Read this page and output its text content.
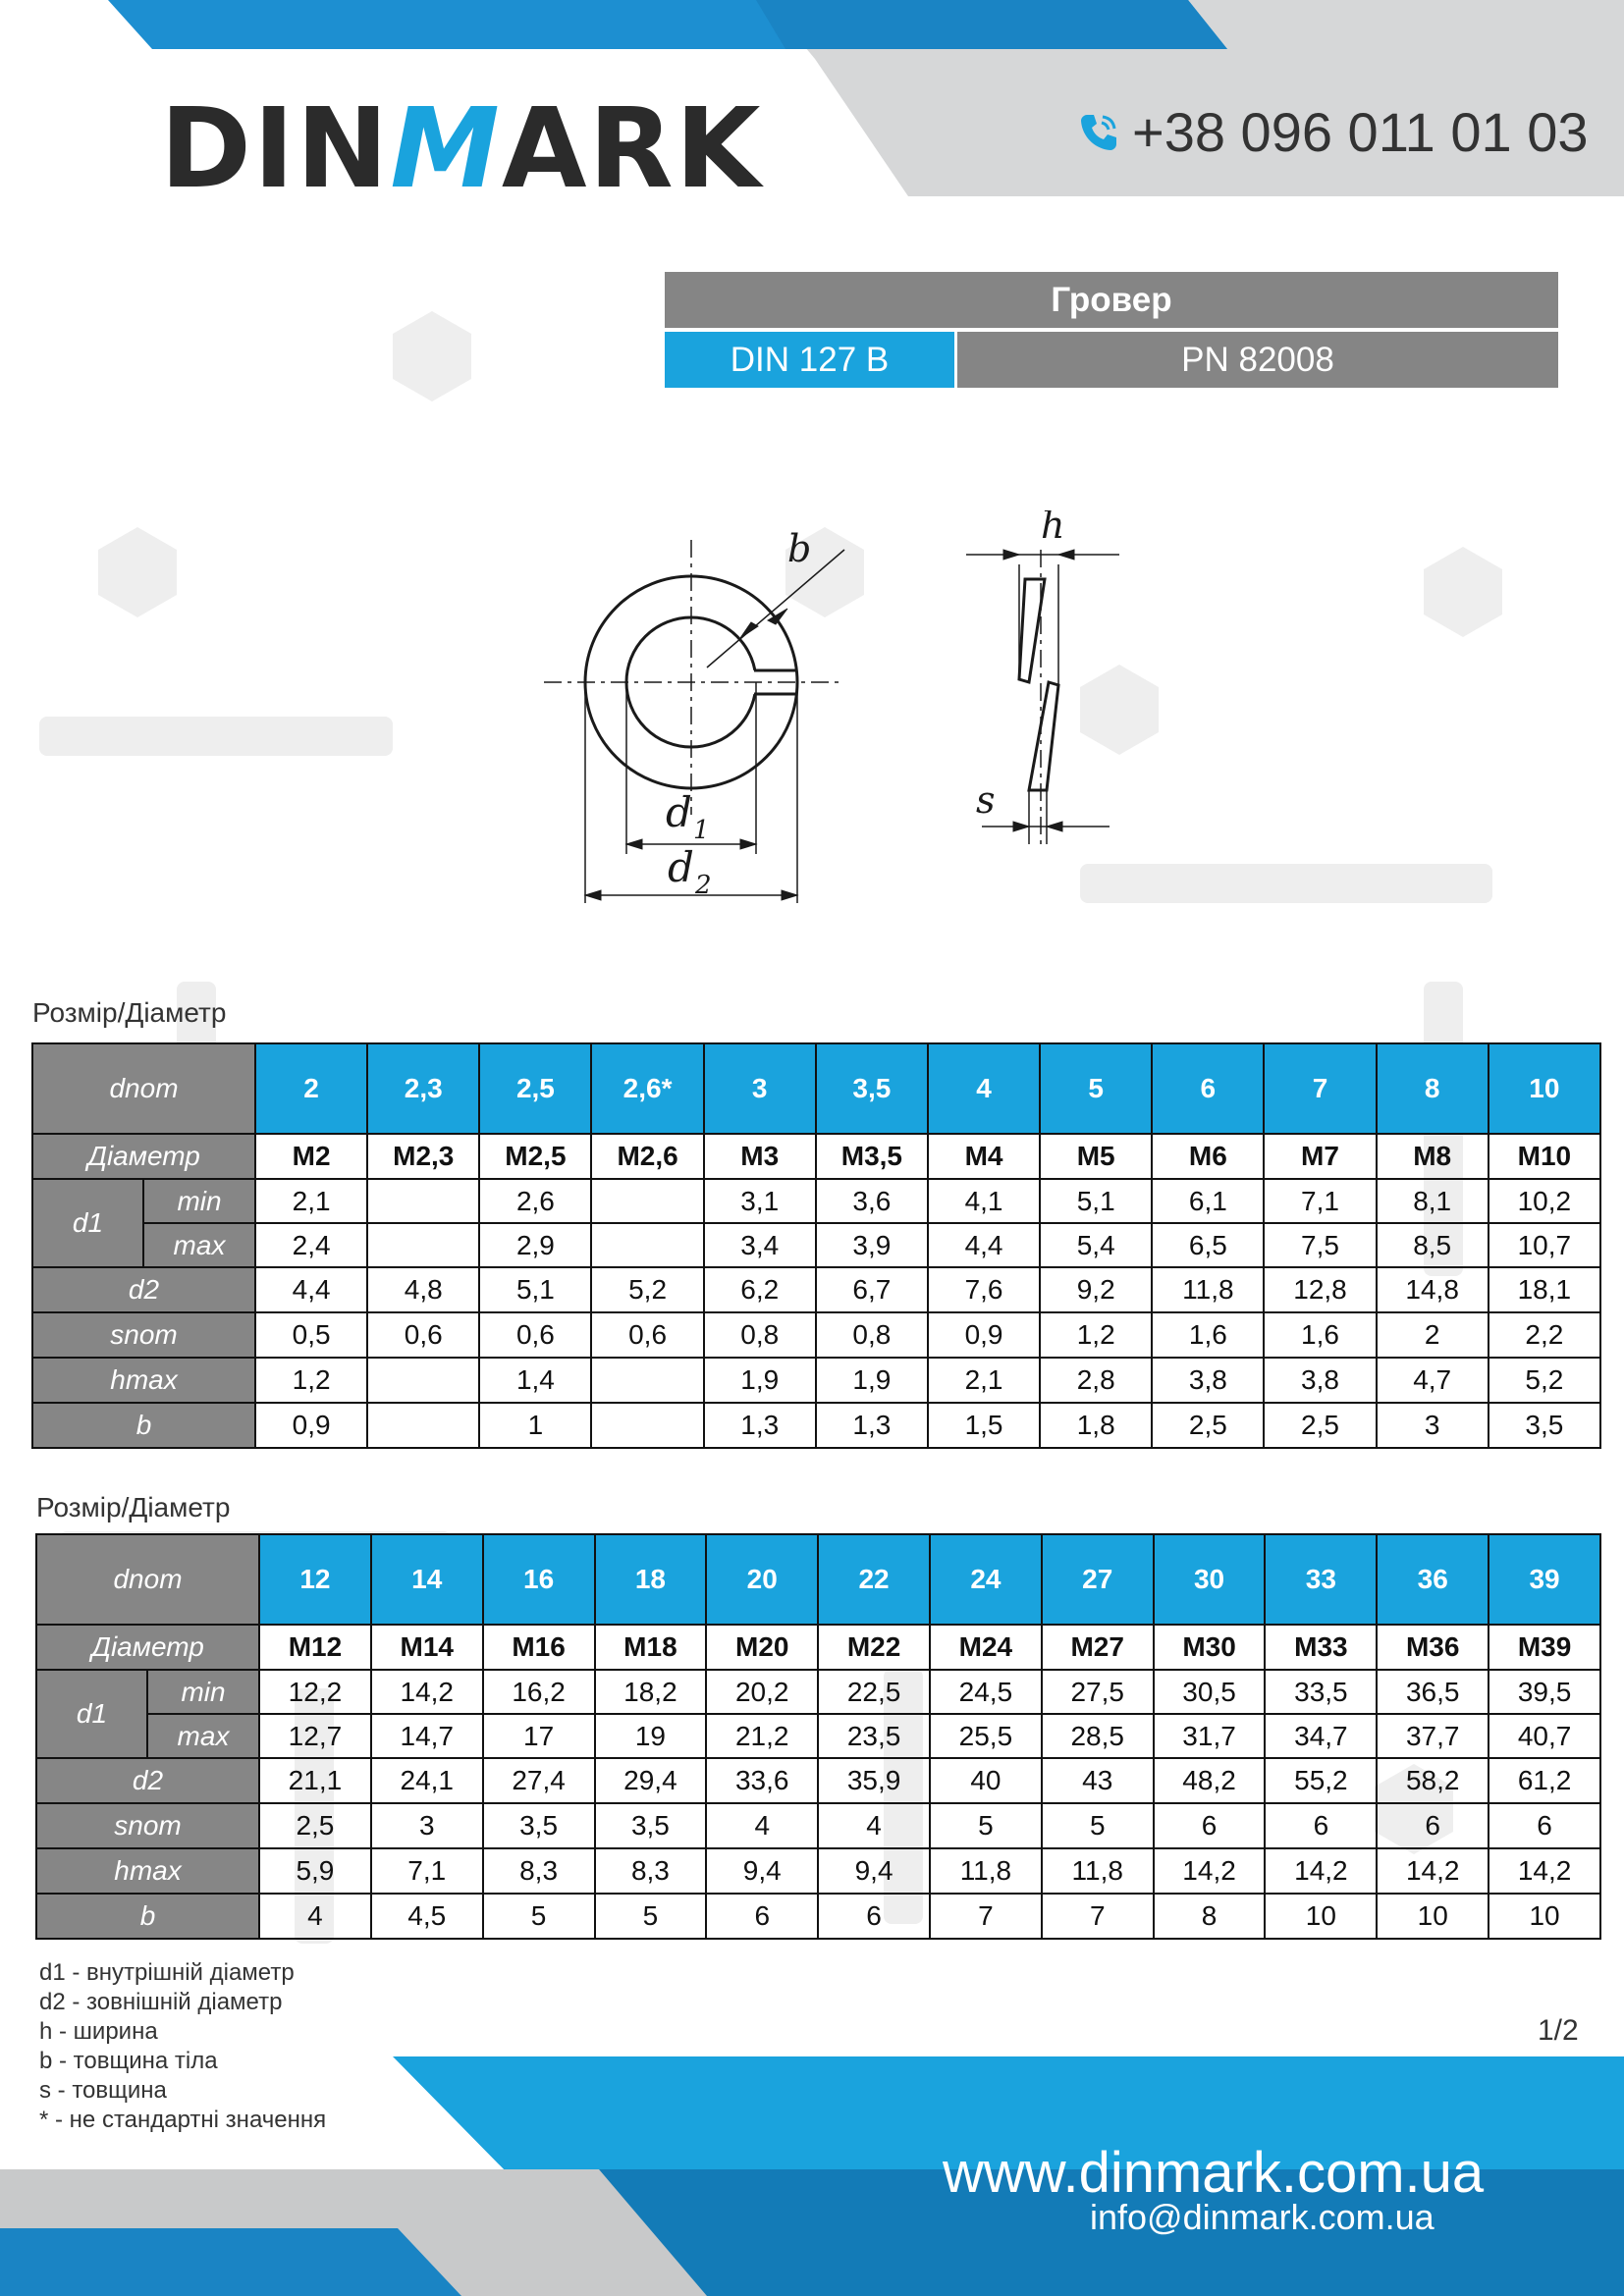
DIN M ARK	+38 096 011 01 03
Гровер
DIN 127 B	PN 82008
b
d 1
d 2
h
s
Розмір/Діаметр
dnom		2	2,3	2,5	2,6*	3	3,5	4	5	6	7	8	10
Діаметр		M2	M2,3	M2,5	M2,6	M3	M3,5	M4	M5	M6	M7	M8	M10
d1	min	2,1		2,6		3,1	3,6	4,1	5,1	6,1	7,1	8,1	10,2
	max	2,4		2,9		3,4	3,9	4,4	5,4	6,5	7,5	8,5	10,7
d2		4,4	4,8	5,1	5,2	6,2	6,7	7,6	9,2	11,8	12,8	14,8	18,1
snom		0,5	0,6	0,6	0,6	0,8	0,8	0,9	1,2	1,6	1,6	2	2,2
hmax		1,2		1,4		1,9	1,9	2,1	2,8	3,8	3,8	4,7	5,2
b		0,9		1		1,3	1,3	1,5	1,8	2,5	2,5	3	3,5
Розмір/Діаметр
dnom		12	14	16	18	20	22	24	27	30	33	36	39
Діаметр		M12	M14	M16	M18	M20	M22	M24	M27	M30	M33	M36	M39
d1	min	12,2	14,2	16,2	18,2	20,2	22,5	24,5	27,5	30,5	33,5	36,5	39,5
	max	12,7	14,7	17	19	21,2	23,5	25,5	28,5	31,7	34,7	37,7	40,7
d2		21,1	24,1	27,4	29,4	33,6	35,9	40	43	48,2	55,2	58,2	61,2
snom		2,5	3	3,5	3,5	4	4	5	5	6	6	6	6
hmax		5,9	7,1	8,3	8,3	9,4	9,4	11,8	11,8	14,2	14,2	14,2	14,2
b		4	4,5	5	5	6	6	7	7	8	10	10	10
d1 - внутрішній діаметр
d2 - зовнішній діаметр
h - ширина
b - товщина тіла
s - товщина
* - не стандартні значення
1/2
www.dinmark.com.ua
info@dinmark.com.ua
